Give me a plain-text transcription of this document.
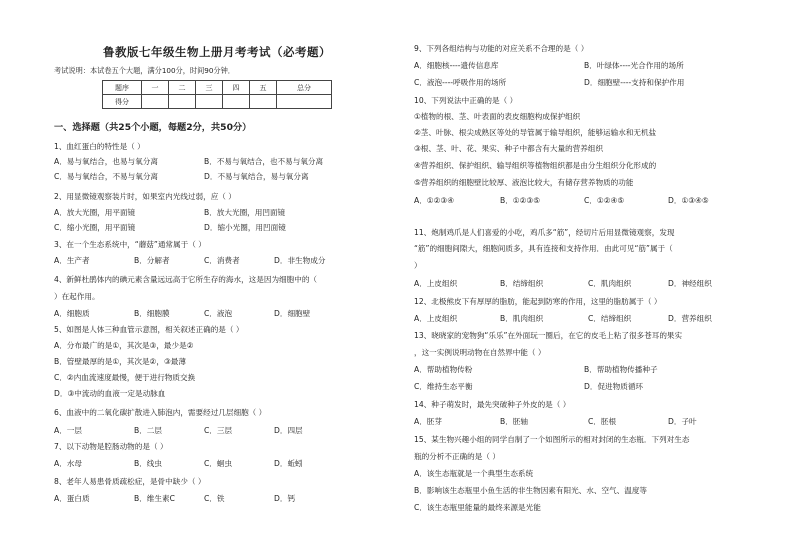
鲁教版七年级生物上册月考考试（必考题）
考试说明：本试卷五个大题，满分100分，时间90分钟．
题序	一	二	三	四	五	总分
得分						
一、选择题（共25个小题，每题2分，共50分）
1、血红蛋白的特性是（ ）
A．易与氧结合，也易与氧分离	B．不易与氧结合，也不易与氧分离
C．易与氧结合，不易与氧分离	D．不易与氧结合，易与氧分离
2、用显微镜观察装片时，如果室内光线过弱，应（ ）
A．放大光圈，用平面镜	B．放大光圈，用凹面镜
C．缩小光圈，用平面镜	D．缩小光圈，用凹面镜
3、在一个生态系统中，“蘑菇”通常属于（ ）
A．生产者	B．分解者	C．消费者	D．非生物成分
4、新鲜杜鹃体内的碘元素含量远远高于它所生存的海水，这是因为细胞中的（
）在起作用。
A．细胞质	B．细胞膜	C．液泡	D．细胞壁
5、如图是人体三种血管示意图，相关叙述正确的是（ ）
A．分布最广的是①，其次是③，最少是②
B．管壁最厚的是①，其次是②，③最薄
C．②内血流速度最慢，便于进行物质交换
D．③中流动的血液一定是动脉血
6、血液中的二氧化碳扩散进入肺泡内，需要经过几层细胞（ ）
A．一层	B．二层	C．三层	D．四层
7、以下动物是腔肠动物的是（ ）
A．水母	B．线虫	C．蛔虫	D．蚯蚓
8、老年人易患骨质疏松症，是骨中缺少（ ）
A．蛋白质	B．维生素C	C．铁	D．钙
9、下列各组结构与功能的对应关系不合理的是（ ）
A．细胞核----遗传信息库	B．叶绿体----光合作用的场所
C．液泡----呼吸作用的场所	D．细胞壁----支持和保护作用
10、下列说法中正确的是（ ）
①植物的根、茎、叶表面的表皮细胞构成保护组织
②茎、叶脉、根尖成熟区等处的导管属于输导组织，能够运输水和无机盐
③根、茎、叶、花、果实、种子中都含有大量的营养组织
④营养组织、保护组织、输导组织等植物组织都是由分生组织分化形成的
⑤营养组织的细胞壁比较厚、液泡比较大，有储存营养物质的功能
A．①②③④	B．①②③⑤	C．①②④⑤	D．①③④⑤
11、炮制鸡爪是人们喜爱的小吃，鸡爪多“筋”，经切片后用显微镜观察，发现
“筋”的细胞间隙大，细胞间质多，具有连接和支持作用．由此可见“筋”属于（
）
A．上皮组织	B．结缔组织	C．肌肉组织	D．神经组织
12、北极熊皮下有厚厚的脂肪，能起到防寒的作用，这里的脂肪属于（ ）
A．上皮组织	B．肌肉组织	C．结缔组织	D．营养组织
13、晓晓家的宠物狗“乐乐”在外面玩一圈后，在它的皮毛上粘了很多苍耳的果实
，这一实例说明动物在自然界中能（ ）
A．帮助植物传粉	B．帮助植物传播种子
C．维持生态平衡	D．促进物质循环
14、种子萌发时，最先突破种子外皮的是（ ）
A．胚芽	B．胚轴	C．胚根	D．子叶
15、某生物兴趣小组的同学自制了一个如图所示的相对封闭的生态瓶．下列对生态
瓶的分析不正确的是（ ）
A．该生态瓶就是一个典型生态系统
B．影响该生态瓶里小鱼生活的非生物因素有阳光、水、空气、温度等
C．该生态瓶里能量的最终来源是光能
